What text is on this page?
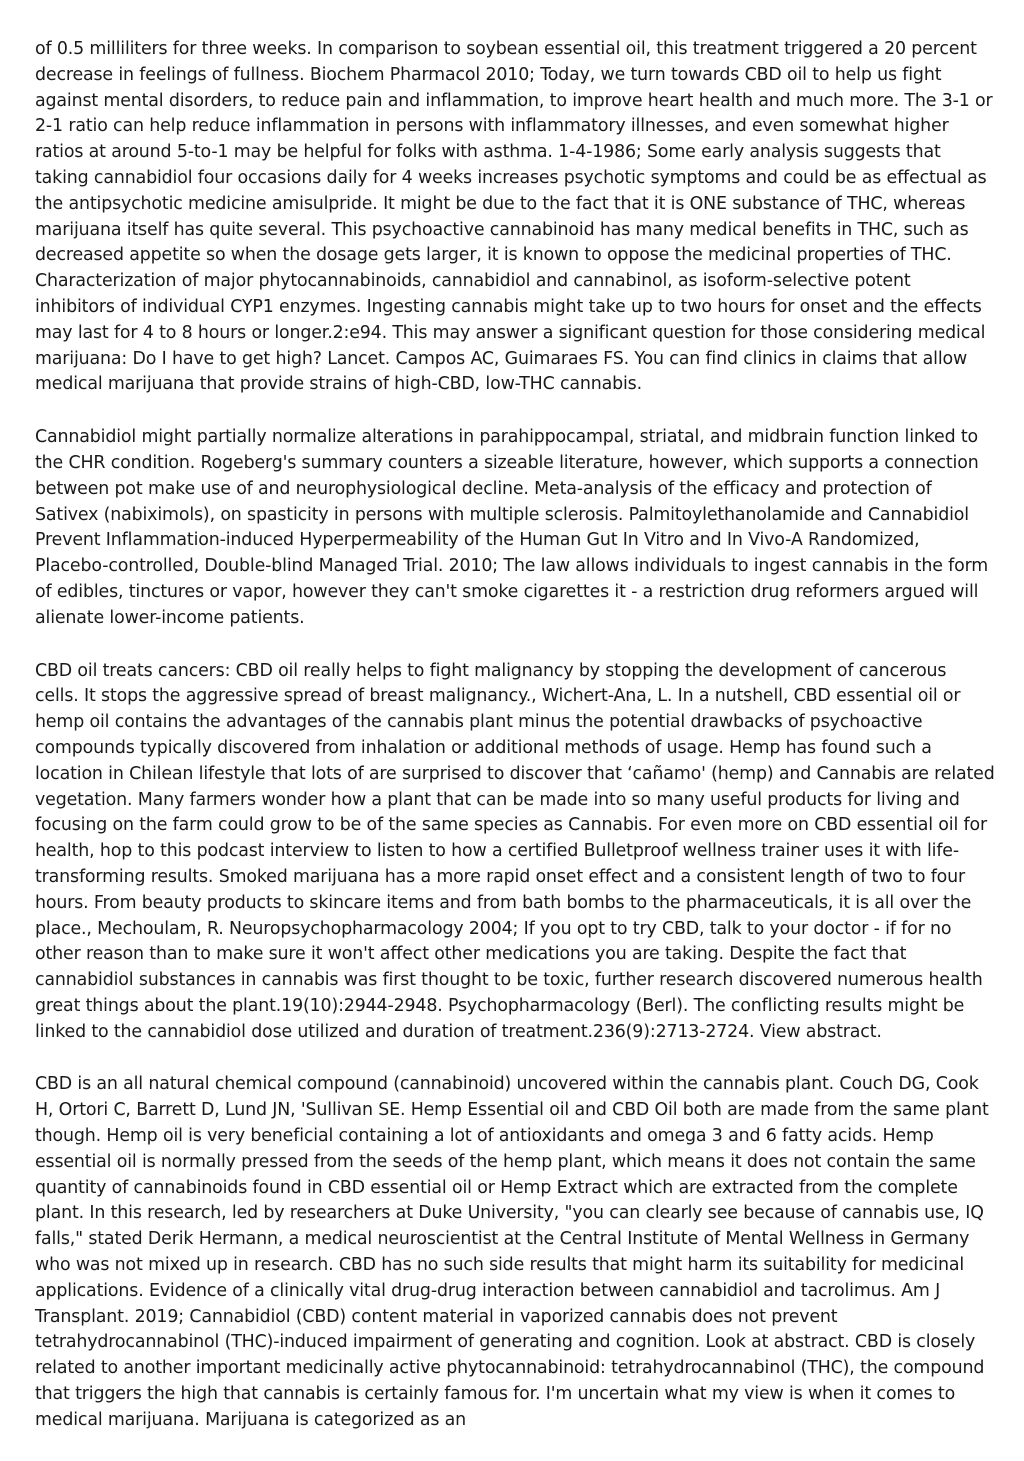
of 0.5 milliliters for three weeks. In comparison to soybean essential oil, this treatment triggered a 20 percent decrease in feelings of fullness. Biochem Pharmacol 2010; Today, we turn towards CBD oil to help us fight against mental disorders, to reduce pain and inflammation, to improve heart health and much more. The 3-1 or 2-1 ratio can help reduce inflammation in persons with inflammatory illnesses, and even somewhat higher ratios at around 5-to-1 may be helpful for folks with asthma. 1-4-1986; Some early analysis suggests that taking cannabidiol four occasions daily for 4 weeks increases psychotic symptoms and could be as effectual as the antipsychotic medicine amisulpride. It might be due to the fact that it is ONE substance of THC, whereas marijuana itself has quite several. This psychoactive cannabinoid has many medical benefits in THC, such as decreased appetite so when the dosage gets larger, it is known to oppose the medicinal properties of THC. Characterization of major phytocannabinoids, cannabidiol and cannabinol, as isoform-selective potent inhibitors of individual CYP1 enzymes. Ingesting cannabis might take up to two hours for onset and the effects may last for 4 to 8 hours or longer.2:e94. This may answer a significant question for those considering medical marijuana: Do I have to get high? Lancet. Campos AC, Guimaraes FS. You can find clinics in claims that allow medical marijuana that provide strains of high-CBD, low-THC cannabis.

Cannabidiol might partially normalize alterations in parahippocampal, striatal, and midbrain function linked to the CHR condition. Rogeberg's summary counters a sizeable literature, however, which supports a connection between pot make use of and neurophysiological decline. Meta-analysis of the efficacy and protection of Sativex (nabiximols), on spasticity in persons with multiple sclerosis. Palmitoylethanolamide and Cannabidiol Prevent Inflammation-induced Hyperpermeability of the Human Gut In Vitro and In Vivo-A Randomized, Placebo-controlled, Double-blind Managed Trial. 2010; The law allows individuals to ingest cannabis in the form of edibles, tinctures or vapor, however they can't smoke cigarettes it - a restriction drug reformers argued will alienate lower-income patients.

CBD oil treats cancers: CBD oil really helps to fight malignancy by stopping the development of cancerous cells. It stops the aggressive spread of breast malignancy., Wichert-Ana, L. In a nutshell, CBD essential oil or hemp oil contains the advantages of the cannabis plant minus the potential drawbacks of psychoactive compounds typically discovered from inhalation or additional methods of usage. Hemp has found such a location in Chilean lifestyle that lots of are surprised to discover that ‘cañamo' (hemp) and Cannabis are related vegetation. Many farmers wonder how a plant that can be made into so many useful products for living and focusing on the farm could grow to be of the same species as Cannabis. For even more on CBD essential oil for health, hop to this podcast interview to listen to how a certified Bulletproof wellness trainer uses it with life-transforming results. Smoked marijuana has a more rapid onset effect and a consistent length of two to four hours. From beauty products to skincare items and from bath bombs to the pharmaceuticals, it is all over the place., Mechoulam, R. Neuropsychopharmacology 2004; If you opt to try CBD, talk to your doctor - if for no other reason than to make sure it won't affect other medications you are taking. Despite the fact that cannabidiol substances in cannabis was first thought to be toxic, further research discovered numerous health great things about the plant.19(10):2944-2948. Psychopharmacology (Berl). The conflicting results might be linked to the cannabidiol dose utilized and duration of treatment.236(9):2713-2724. View abstract.

CBD is an all natural chemical compound (cannabinoid) uncovered within the cannabis plant. Couch DG, Cook H, Ortori C, Barrett D, Lund JN, 'Sullivan SE. Hemp Essential oil and CBD Oil both are made from the same plant though. Hemp oil is very beneficial containing a lot of antioxidants and omega 3 and 6 fatty acids. Hemp essential oil is normally pressed from the seeds of the hemp plant, which means it does not contain the same quantity of cannabinoids found in CBD essential oil or Hemp Extract which are extracted from the complete plant. In this research, led by researchers at Duke University, "you can clearly see because of cannabis use, IQ falls," stated Derik Hermann, a medical neuroscientist at the Central Institute of Mental Wellness in Germany who was not mixed up in research. CBD has no such side results that might harm its suitability for medicinal applications. Evidence of a clinically vital drug-drug interaction between cannabidiol and tacrolimus. Am J Transplant. 2019; Cannabidiol (CBD) content material in vaporized cannabis does not prevent tetrahydrocannabinol (THC)-induced impairment of generating and cognition. Look at abstract. CBD is closely related to another important medicinally active phytocannabinoid: tetrahydrocannabinol (THC), the compound that triggers the high that cannabis is certainly famous for. I'm uncertain what my view is when it comes to medical marijuana. Marijuana is categorized as an
